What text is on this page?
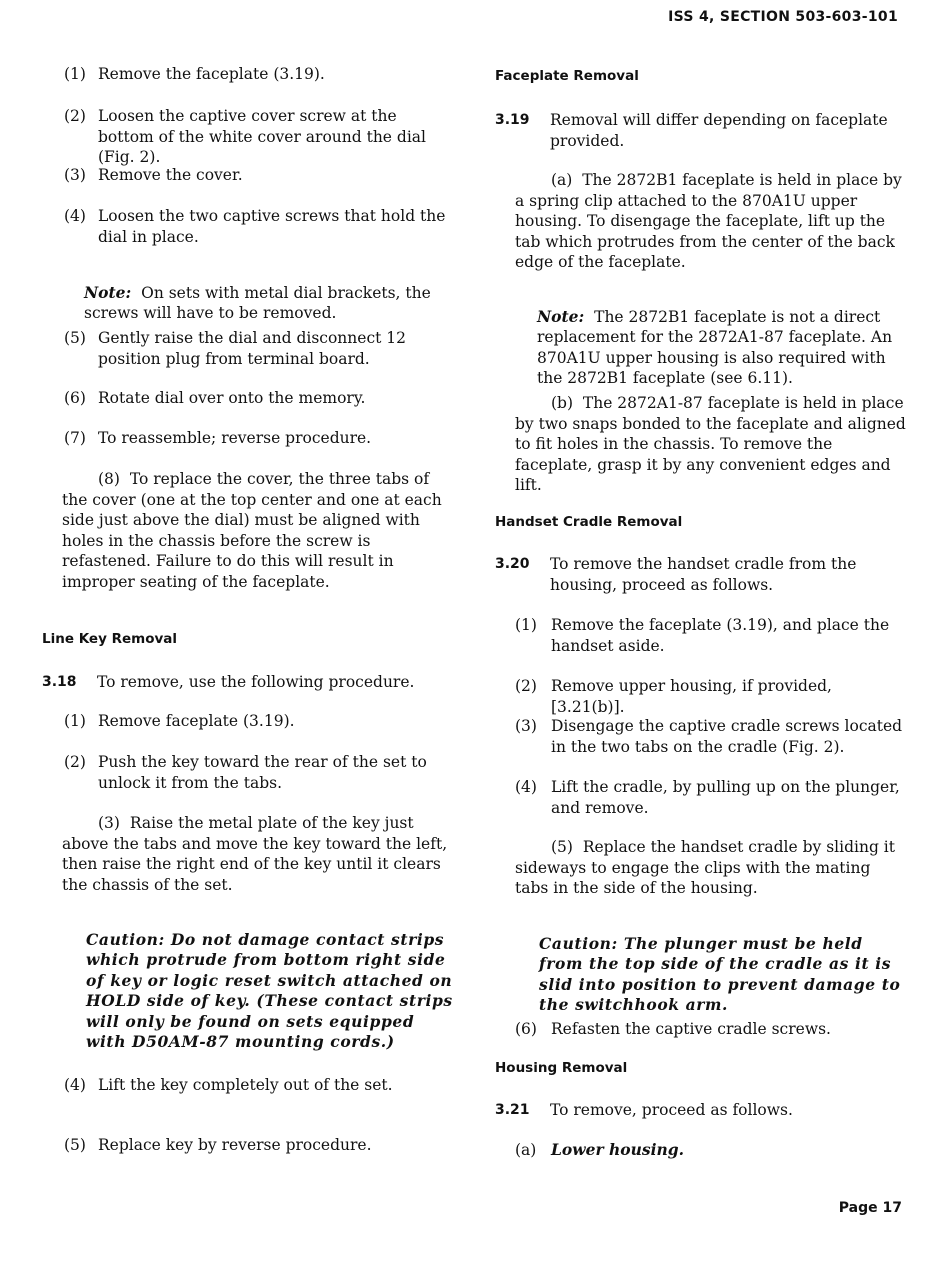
ISS 4, SECTION 503-603-101

(1) Remove the faceplate (3.19).

(2) Loosen the captive cover screw at the bottom of the white cover around the dial (Fig. 2).

(3) Remove the cover.

(4) Loosen the two captive screws that hold the dial in place.

Note: On sets with metal dial brackets, the screws will have to be removed.

(5) Gently raise the dial and disconnect 12 position plug from terminal board.

(6) Rotate dial over onto the memory.

(7) To reassemble; reverse procedure.

(8) To replace the cover, the three tabs of the cover (one at the top center and one at each side just above the dial) must be aligned with holes in the chassis before the screw is refastened. Failure to do this will result in improper seating of the faceplate.

Line Key Removal

3.18 To remove, use the following procedure.

(1) Remove faceplate (3.19).

(2) Push the key toward the rear of the set to unlock it from the tabs.

(3) Raise the metal plate of the key just above the tabs and move the key toward the left, then raise the right end of the key until it clears the chassis of the set.

Caution: Do not damage contact strips which protrude from bottom right side of key or logic reset switch attached on HOLD side of key. (These contact strips will only be found on sets equipped with D50AM-87 mounting cords.)

(4) Lift the key completely out of the set.

(5) Replace key by reverse procedure.

Faceplate Removal

3.19 Removal will differ depending on faceplate provided.

(a) The 2872B1 faceplate is held in place by a spring clip attached to the 870A1U upper housing. To disengage the faceplate, lift up the tab which protrudes from the center of the back edge of the faceplate.

Note: The 2872B1 faceplate is not a direct replacement for the 2872A1-87 faceplate. An 870A1U upper housing is also required with the 2872B1 faceplate (see 6.11).

(b) The 2872A1-87 faceplate is held in place by two snaps bonded to the faceplate and aligned to fit holes in the chassis. To remove the faceplate, grasp it by any convenient edges and lift.

Handset Cradle Removal

3.20 To remove the handset cradle from the housing, proceed as follows.

(1) Remove the faceplate (3.19), and place the handset aside.

(2) Remove upper housing, if provided, [3.21(b)].

(3) Disengage the captive cradle screws located in the two tabs on the cradle (Fig. 2).

(4) Lift the cradle, by pulling up on the plunger, and remove.

(5) Replace the handset cradle by sliding it sideways to engage the clips with the mating tabs in the side of the housing.

Caution: The plunger must be held from the top side of the cradle as it is slid into position to prevent damage to the switchhook arm.

(6) Refasten the captive cradle screws.

Housing Removal

3.21 To remove, proceed as follows.

(a) Lower housing.

Page 17
